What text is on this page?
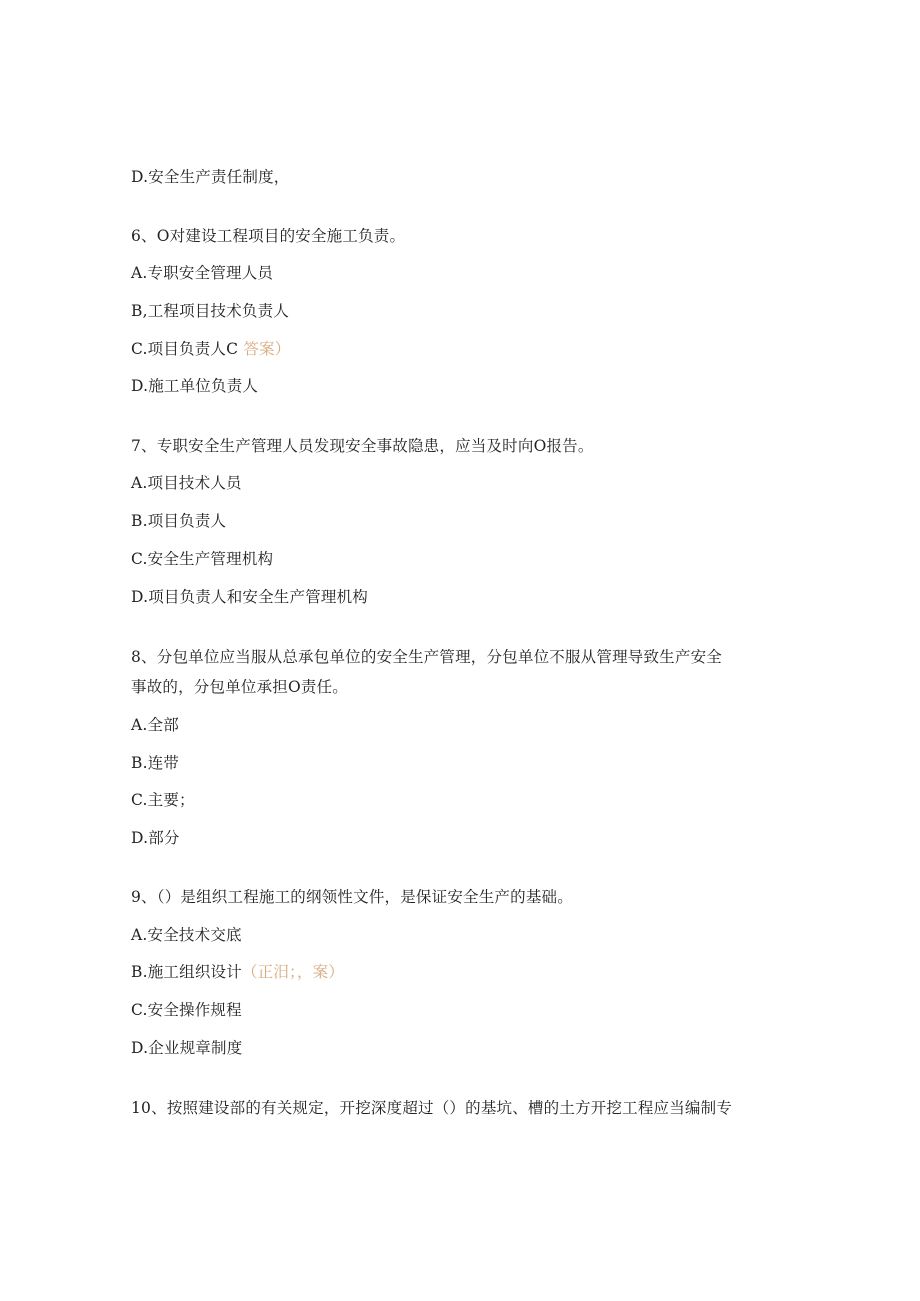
D.安全生产责任制度，
6、O对建设工程项目的安全施工负责。
A.专职安全管理人员
B,工程项目技术负责人
C.项目负责人C 答案）
D.施工单位负责人
7、专职安全生产管理人员发现安全事故隐患，应当及时向O报告。
A.项目技术人员
B.项目负责人
C.安全生产管理机构
D.项目负责人和安全生产管理机构
8、分包单位应当服从总承包单位的安全生产管理，分包单位不服从管理导致生产安全
事故的，分包单位承担O责任。
A.全部
B.连带
C.主要；
D.部分
9、（）是组织工程施工的纲领性文件，是保证安全生产的基础。
A.安全技术交底
B.施工组织设计（正汨；，案）
C.安全操作规程
D.企业规章制度
10、按照建设部的有关规定，开挖深度超过（）的基坑、槽的土方开挖工程应当编制专
